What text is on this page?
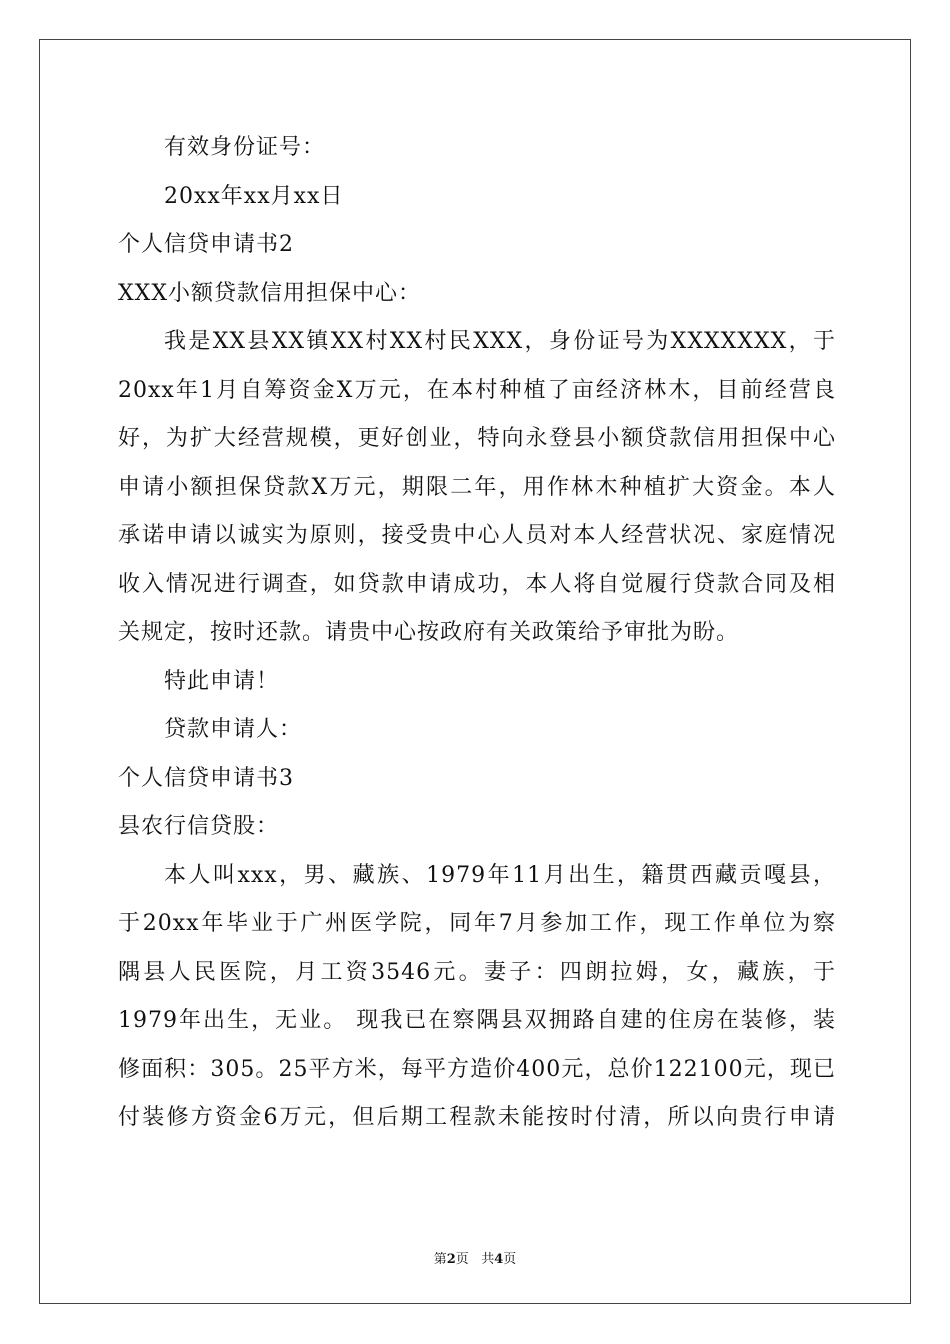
有效身份证号：
20xx年xx月xx日
个人信贷申请书2
XXX小额贷款信用担保中心：
我是XX县XX镇XX村XX村民XXX，身份证号为XXXXXXX，于
20xx年1月自筹资金X万元，在本村种植了亩经济林木，目前经营良
好，为扩大经营规模，更好创业，特向永登县小额贷款信用担保中心
申请小额担保贷款X万元，期限二年，用作林木种植扩大资金。本人
承诺申请以诚实为原则，接受贵中心人员对本人经营状况、家庭情况
收入情况进行调查，如贷款申请成功，本人将自觉履行贷款合同及相
关规定，按时还款。请贵中心按政府有关政策给予审批为盼。
特此申请！
贷款申请人：
个人信贷申请书3
县农行信贷股：
本人叫xxx，男、藏族、1979年11月出生，籍贯西藏贡嘎县，
于20xx年毕业于广州医学院，同年7月参加工作，现工作单位为察
隅县人民医院，月工资3546元。妻子：四朗拉姆，女，藏族，于
1979年出生，无业。 现我已在察隅县双拥路自建的住房在装修，装
修面积：305。25平方米，每平方造价400元，总价122100元，现已
付装修方资金6万元，但后期工程款未能按时付清，所以向贵行申请
第2页 共4页
